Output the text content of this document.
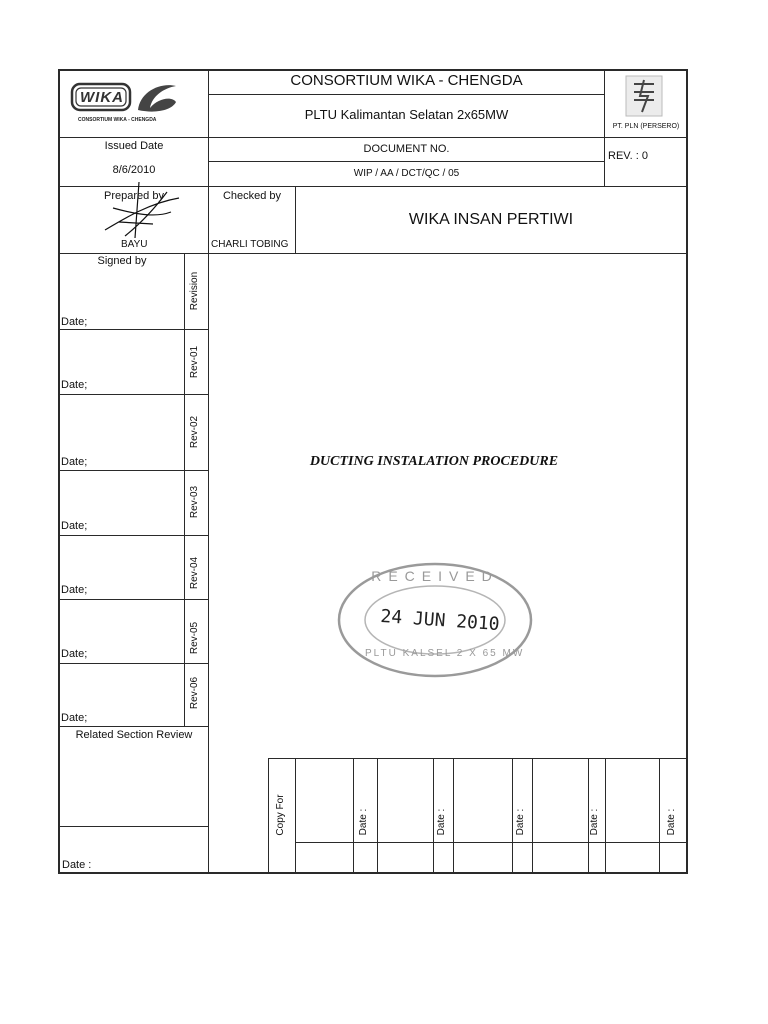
WIKA
CONSORTIUM WIKA - CHENGDA
CONSORTIUM WIKA - CHENGDA
PLTU Kalimantan Selatan 2x65MW
PT. PLN (PERSERO)
Issued Date
8/6/2010
DOCUMENT NO.
WIP / AA / DCT/QC / 05
REV. : 0
Prepared by
BAYU
Checked by
CHARLI TOBING
WIKA INSAN PERTIWI
Signed by
Revision
Date;
Rev-01
Date;
Rev-02
Date;
Rev-03
Date;
Rev-04
Date;
Rev-05
Date;
Rev-06
Date;
DUCTING INSTALATION PROCEDURE
RECEIVED
24 JUN 2010
PLTU KALSEL 2 X 65 MW
Related Section Review
Date :
Copy For	Date :	Date :	Date :	Date :	Date :
